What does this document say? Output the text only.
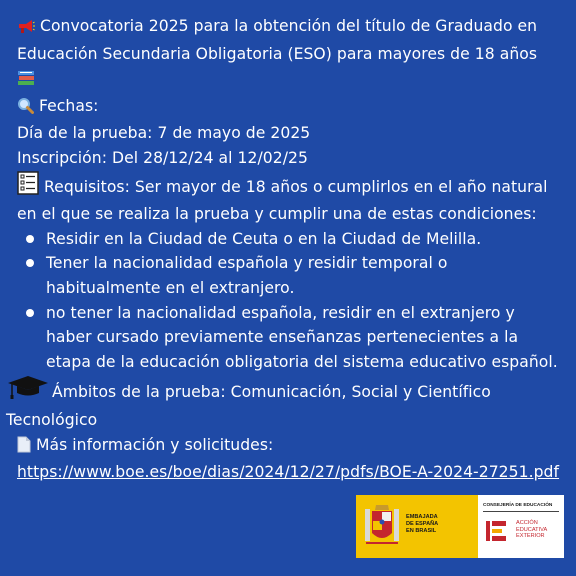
Convocatoria 2025 para la obtención del título de Graduado en Educación Secundaria Obligatoria (ESO) para mayores de 18 años
Fechas:
Día de la prueba: 7 de mayo de 2025
Inscripción: Del 28/12/24 al 12/02/25
Requisitos: Ser mayor de 18 años o cumplirlos en el año natural en el que se realiza la prueba y cumplir una de estas condiciones:
Residir en la Ciudad de Ceuta o en la Ciudad de Melilla.
Tener la nacionalidad española y residir temporal o habitualmente en el extranjero.
no tener la nacionalidad española, residir en el extranjero y haber cursado previamente enseñanzas pertenecientes a la etapa de la educación obligatoria del sistema educativo español.
Ámbitos de la prueba: Comunicación, Social y Científico Tecnológico
Más información y solicitudes: https://www.boe.es/boe/dias/2024/12/27/pdfs/BOE-A-2024-27251.pdf
EMBAJADA
DE ESPAÑA
EN BRASIL
CONSEJERÍA DE EDUCACIÓN
ACCIÓN
EDUCATIVA
EXTERIOR
